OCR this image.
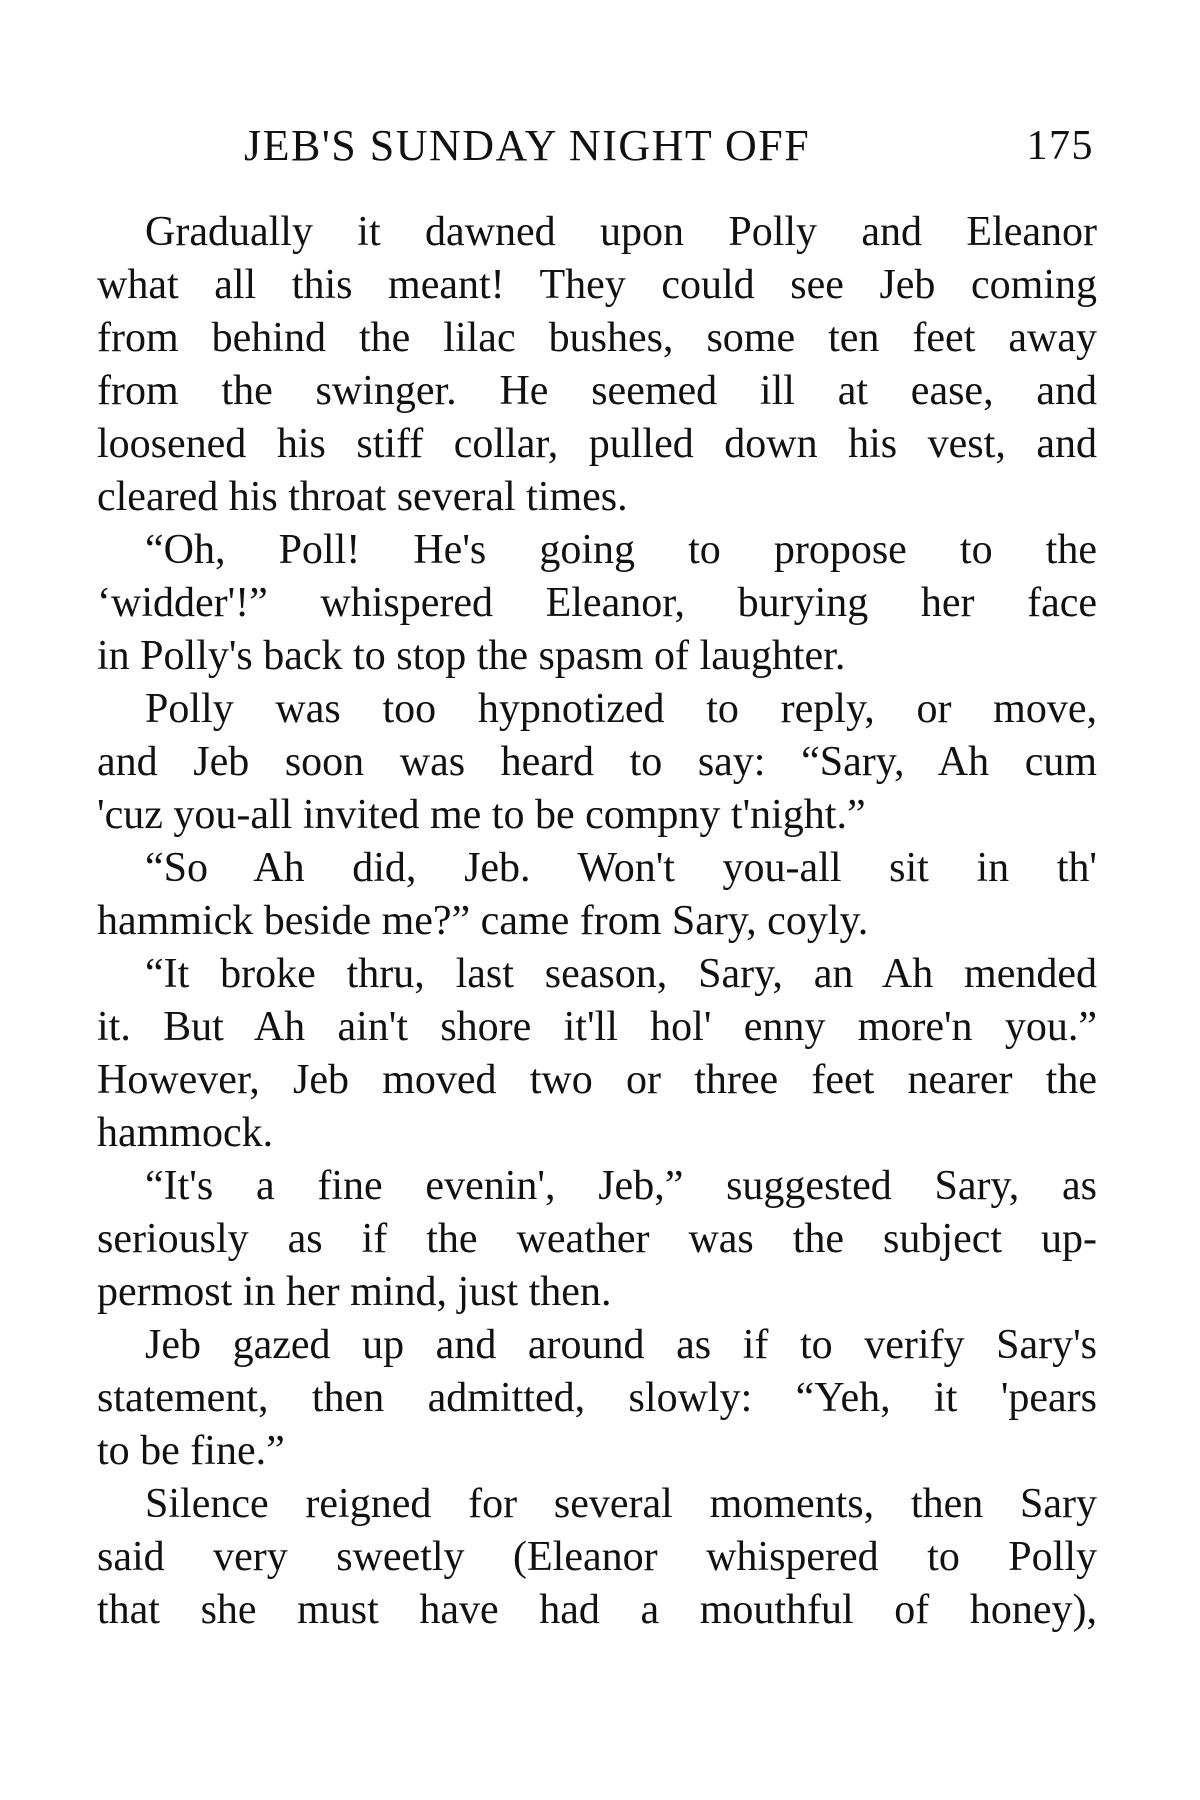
JEB'S SUNDAY NIGHT OFF	175
Gradually it dawned upon Polly and Eleanor
what all this meant! They could see Jeb coming
from behind the lilac bushes, some ten feet away
from the swinger. He seemed ill at ease, and
loosened his stiff collar, pulled down his vest, and
cleared his throat several times.
“Oh, Poll! He's going to propose to the
‘widder'!” whispered Eleanor, burying her face
in Polly's back to stop the spasm of laughter.
Polly was too hypnotized to reply, or move,
and Jeb soon was heard to say: “Sary, Ah cum
'cuz you-all invited me to be compny t'night.”
“So Ah did, Jeb. Won't you-all sit in th'
hammick beside me?” came from Sary, coyly.
“It broke thru, last season, Sary, an Ah mended
it. But Ah ain't shore it'll hol' enny more'n you.”
However, Jeb moved two or three feet nearer the
hammock.
“It's a fine evenin', Jeb,” suggested Sary, as
seriously as if the weather was the subject up-
permost in her mind, just then.
Jeb gazed up and around as if to verify Sary's
statement, then admitted, slowly: “Yeh, it 'pears
to be fine.”
Silence reigned for several moments, then Sary
said very sweetly (Eleanor whispered to Polly
that she must have had a mouthful of honey),
